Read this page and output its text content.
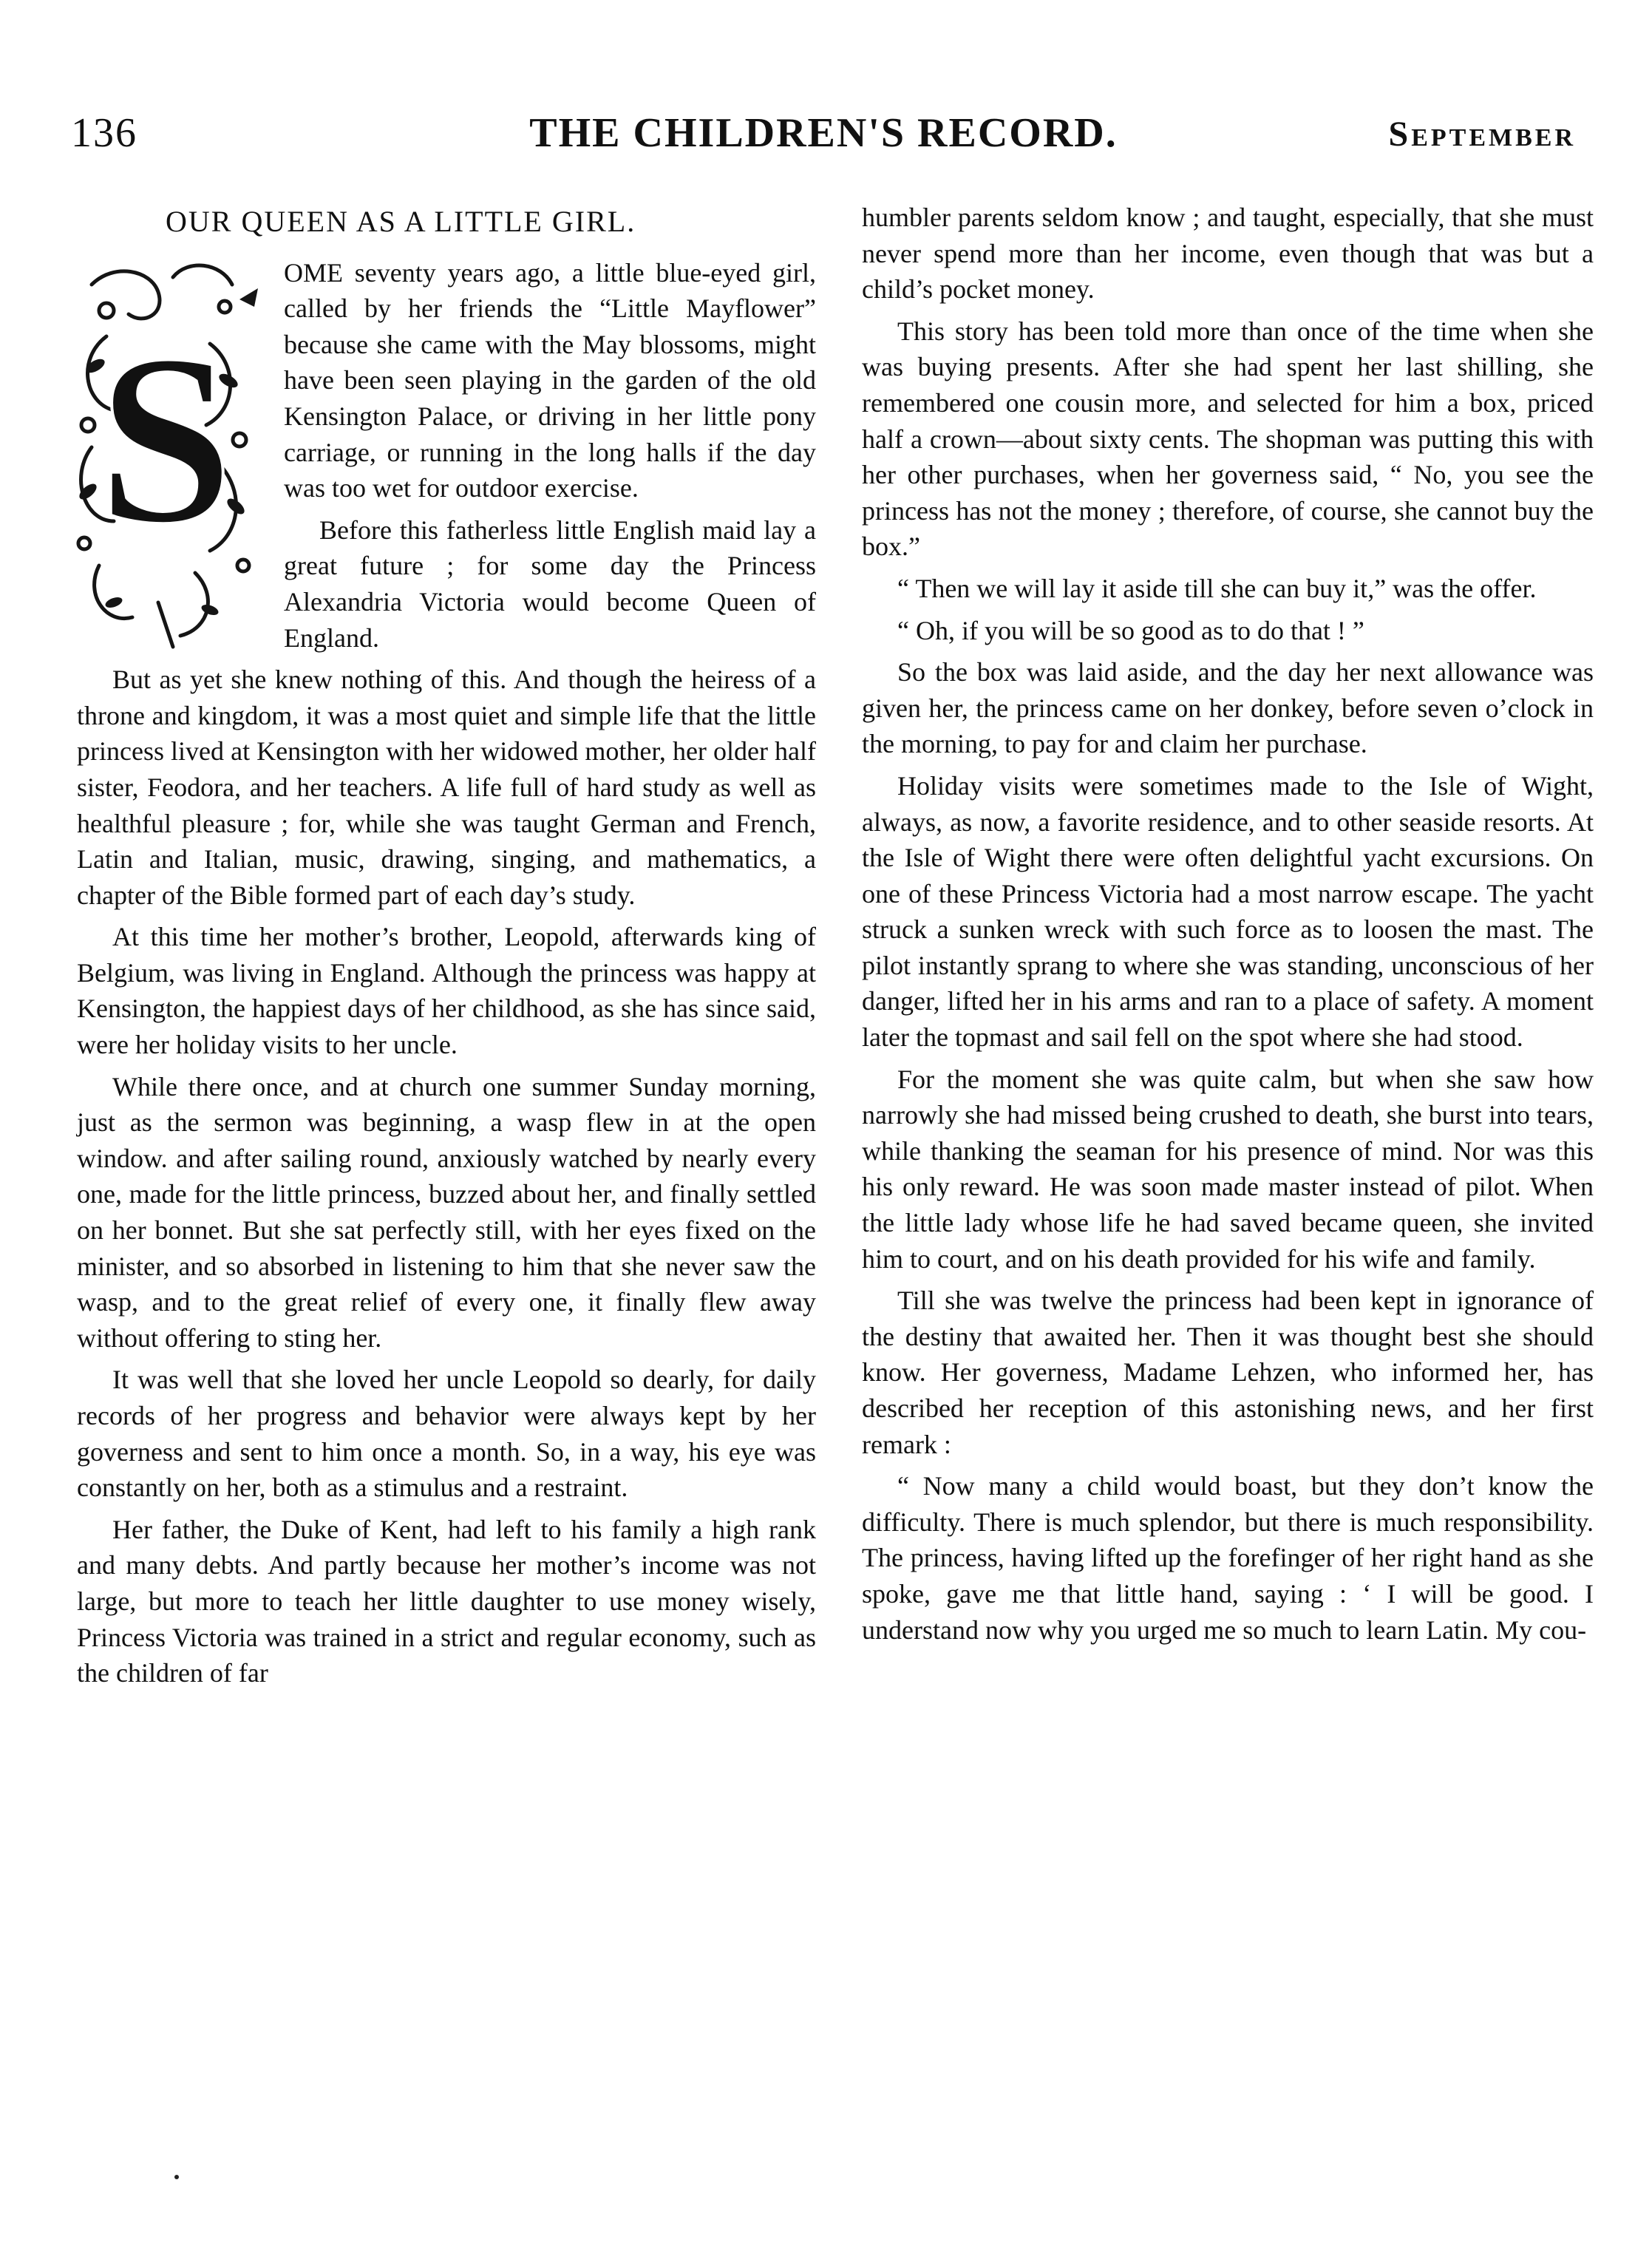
136	THE CHILDREN'S RECORD.	September
OUR QUEEN AS A LITTLE GIRL.
S

OME seventy years ago, a little blue-eyed girl, called by her friends the “Little Mayflower” because she came with the May blossoms, might have been seen playing in the garden of the old Kensington Palace, or driving in her little pony carriage, or running in the long halls if the day was too wet for outdoor exercise.

Before this fatherless little English maid lay a great future ; for some day the Princess Alexandria Victoria would become Queen of England.

But as yet she knew nothing of this. And though the heiress of a throne and kingdom, it was a most quiet and simple life that the little princess lived at Kensington with her widowed mother, her older half sister, Feodora, and her teachers. A life full of hard study as well as healthful pleasure ; for, while she was taught German and French, Latin and Italian, music, drawing, singing, and mathematics, a chapter of the Bible formed part of each day’s study.

At this time her mother’s brother, Leopold, afterwards king of Belgium, was living in England. Although the princess was happy at Kensington, the happiest days of her childhood, as she has since said, were her holiday visits to her uncle.

While there once, and at church one summer Sunday morning, just as the sermon was beginning, a wasp flew in at the open window. and after sailing round, anxiously watched by nearly every one, made for the little princess, buzzed about her, and finally settled on her bonnet. But she sat perfectly still, with her eyes fixed on the minister, and so absorbed in listening to him that she never saw the wasp, and to the great relief of every one, it finally flew away without offering to sting her.

It was well that she loved her uncle Leopold so dearly, for daily records of her progress and behavior were always kept by her governess and sent to him once a month. So, in a way, his eye was constantly on her, both as a stimulus and a restraint.

Her father, the Duke of Kent, had left to his family a high rank and many debts. And partly because her mother’s income was not large, but more to teach her little daughter to use money wisely, Princess Victoria was trained in a strict and regular economy, such as the children of far

humbler parents seldom know ; and taught, especially, that she must never spend more than her income, even though that was but a child’s pocket money.

This story has been told more than once of the time when she was buying presents. After she had spent her last shilling, she remembered one cousin more, and selected for him a box, priced half a crown—about sixty cents. The shopman was putting this with her other purchases, when her governess said, “ No, you see the princess has not the money ; therefore, of course, she cannot buy the box.”

“ Then we will lay it aside till she can buy it,” was the offer.

“ Oh, if you will be so good as to do that ! ”

So the box was laid aside, and the day her next allowance was given her, the princess came on her donkey, before seven o’clock in the morning, to pay for and claim her purchase.

Holiday visits were sometimes made to the Isle of Wight, always, as now, a favorite residence, and to other seaside resorts. At the Isle of Wight there were often delightful yacht excursions. On one of these Princess Victoria had a most narrow escape. The yacht struck a sunken wreck with such force as to loosen the mast. The pilot instantly sprang to where she was standing, unconscious of her danger, lifted her in his arms and ran to a place of safety. A moment later the topmast and sail fell on the spot where she had stood.

For the moment she was quite calm, but when she saw how narrowly she had missed being crushed to death, she burst into tears, while thanking the seaman for his presence of mind. Nor was this his only reward. He was soon made master instead of pilot. When the little lady whose life he had saved became queen, she invited him to court, and on his death provided for his wife and family.

Till she was twelve the princess had been kept in ignorance of the destiny that awaited her. Then it was thought best she should know. Her governess, Madame Lehzen, who informed her, has described her reception of this astonishing news, and her first remark :

“ Now many a child would boast, but they don’t know the difficulty. There is much splendor, but there is much responsibility. The princess, having lifted up the forefinger of her right hand as she spoke, gave me that little hand, saying : ‘ I will be good. I understand now why you urged me so much to learn Latin. My cou-
